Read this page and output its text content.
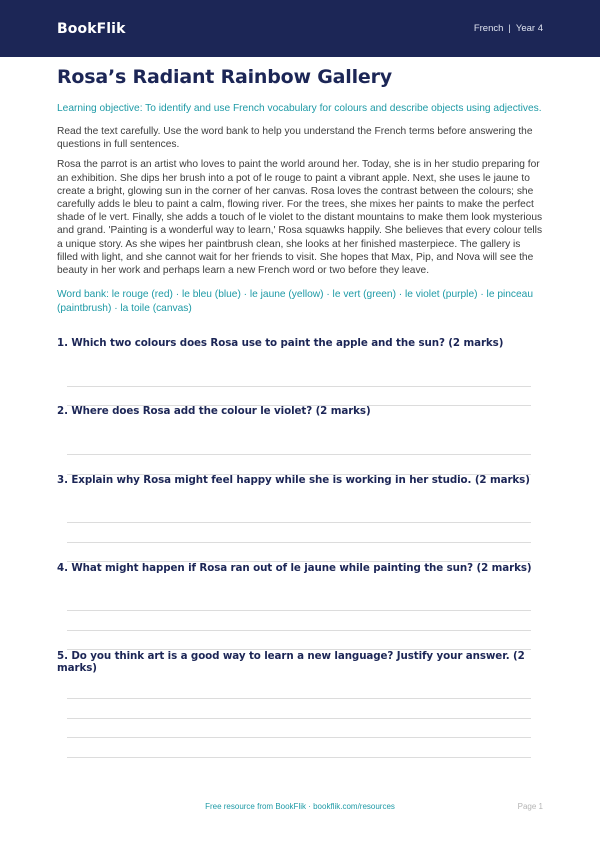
BookFlik	French | Year 4
Rosa’s Radiant Rainbow Gallery
Learning objective: To identify and use French vocabulary for colours and describe objects using adjectives.
Read the text carefully. Use the word bank to help you understand the French terms before answering the questions in full sentences.
Rosa the parrot is an artist who loves to paint the world around her. Today, she is in her studio preparing for an exhibition. She dips her brush into a pot of le rouge to paint a vibrant apple. Next, she uses le jaune to create a bright, glowing sun in the corner of her canvas. Rosa loves the contrast between the colours; she carefully adds le bleu to paint a calm, flowing river. For the trees, she mixes her paints to make the perfect shade of le vert. Finally, she adds a touch of le violet to the distant mountains to make them look mysterious and grand. 'Painting is a wonderful way to learn,' Rosa squawks happily. She believes that every colour tells a unique story. As she wipes her paintbrush clean, she looks at her finished masterpiece. The gallery is filled with light, and she cannot wait for her friends to visit. She hopes that Max, Pip, and Nova will see the beauty in her work and perhaps learn a new French word or two before they leave.
Word bank: le rouge (red) · le bleu (blue) · le jaune (yellow) · le vert (green) · le violet (purple) · le pinceau (paintbrush) · la toile (canvas)
1. Which two colours does Rosa use to paint the apple and the sun? (2 marks)
2. Where does Rosa add the colour le violet? (2 marks)
3. Explain why Rosa might feel happy while she is working in her studio. (2 marks)
4. What might happen if Rosa ran out of le jaune while painting the sun? (2 marks)
5. Do you think art is a good way to learn a new language? Justify your answer. (2 marks)
Free resource from BookFlik · bookflik.com/resources	Page 1
